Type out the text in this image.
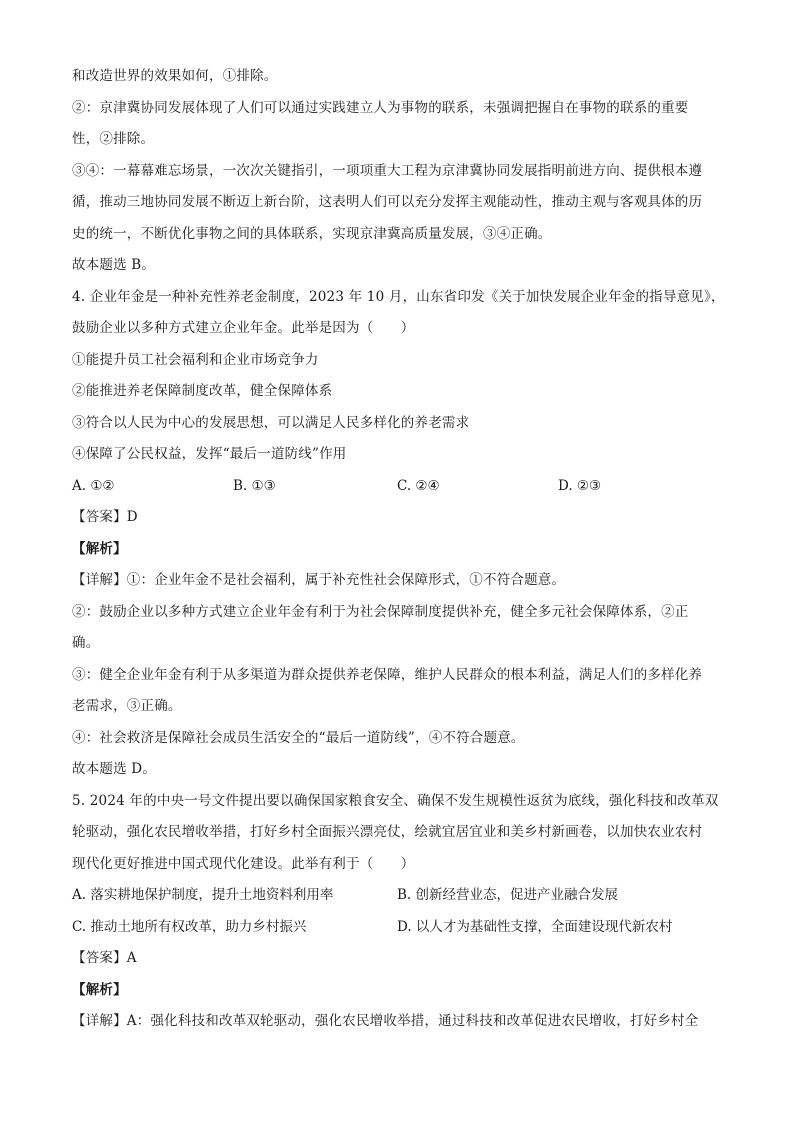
和改造世界的效果如何，①排除。
②：京津冀协同发展体现了人们可以通过实践建立人为事物的联系，未强调把握自在事物的联系的重要
性，②排除。
③④：一幕幕难忘场景，一次次关键指引，一项项重大工程为京津冀协同发展指明前进方向、提供根本遵
循，推动三地协同发展不断迈上新台阶，这表明人们可以充分发挥主观能动性，推动主观与客观具体的历
史的统一，不断优化事物之间的具体联系，实现京津冀高质量发展，③④正确。
故本题选 B。
4. 企业年金是一种补充性养老金制度，2023 年 10 月，山东省印发《关于加快发展企业年金的指导意见》，
鼓励企业以多种方式建立企业年金。此举是因为（　　）
①能提升员工社会福利和企业市场竞争力
②能推进养老保障制度改革，健全保障体系
③符合以人民为中心的发展思想，可以满足人民多样化的养老需求
④保障了公民权益，发挥“最后一道防线”作用
A. ①②	B. ①③	C. ②④	D. ②③
【答案】D
【解析】
【详解】①：企业年金不是社会福利，属于补充性社会保障形式，①不符合题意。
②：鼓励企业以多种方式建立企业年金有利于为社会保障制度提供补充，健全多元社会保障体系，②正
确。
③：健全企业年金有利于从多渠道为群众提供养老保障，维护人民群众的根本利益，满足人们的多样化养
老需求，③正确。
④：社会救济是保障社会成员生活安全的“最后一道防线”，④不符合题意。
故本题选 D。
5. 2024 年的中央一号文件提出要以确保国家粮食安全、确保不发生规模性返贫为底线，强化科技和改革双
轮驱动，强化农民增收举措，打好乡村全面振兴漂亮仗，绘就宜居宜业和美乡村新画卷，以加快农业农村
现代化更好推进中国式现代化建设。此举有利于（　　）
A. 落实耕地保护制度，提升土地资料利用率	B. 创新经营业态，促进产业融合发展
C. 推动土地所有权改革，助力乡村振兴	D. 以人才为基础性支撑，全面建设现代新农村
【答案】A
【解析】
【详解】A：强化科技和改革双轮驱动，强化农民增收举措，通过科技和改革促进农民增收，打好乡村全
